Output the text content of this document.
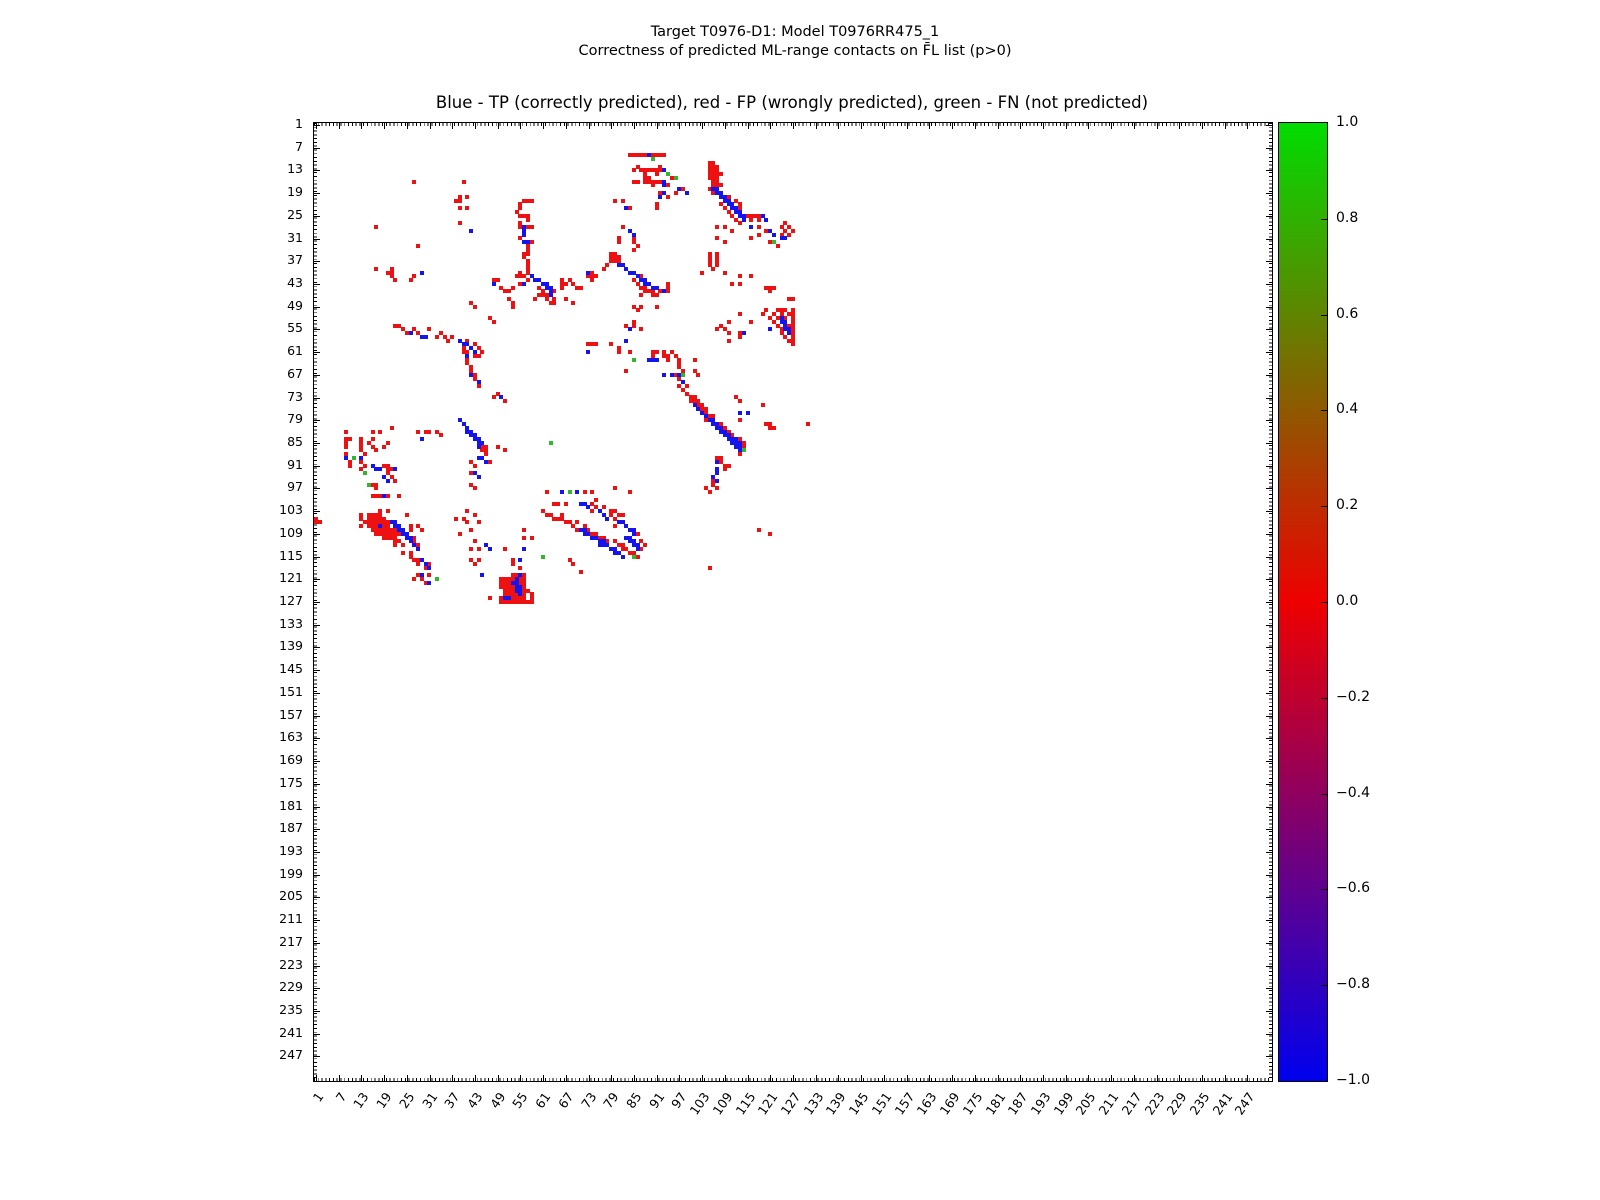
Target T0976-D1: Model T0976RR475_1
Correctness of predicted ML-range contacts on F̄L list (p>0)
Blue - TP (correctly predicted), red - FP (wrongly predicted), green - FN (not predicted)
1
1
7
7
13
13
19
19
25
25
31
31
37
37
43
43
49
49
55
55
61
61
67
67
73
73
79
79
85
85
91
91
97
97
103
103
109
109
115
115
121
121
127
127
133
133
139
139
145
145
151
151
157
157
163
163
169
169
175
175
181
181
187
187
193
193
199
199
205
205
211
211
217
217
223
223
229
229
235
235
241
241
247
247
1.0
0.8
0.6
0.4
0.2
0.0
−0.2
−0.4
−0.6
−0.8
−1.0
